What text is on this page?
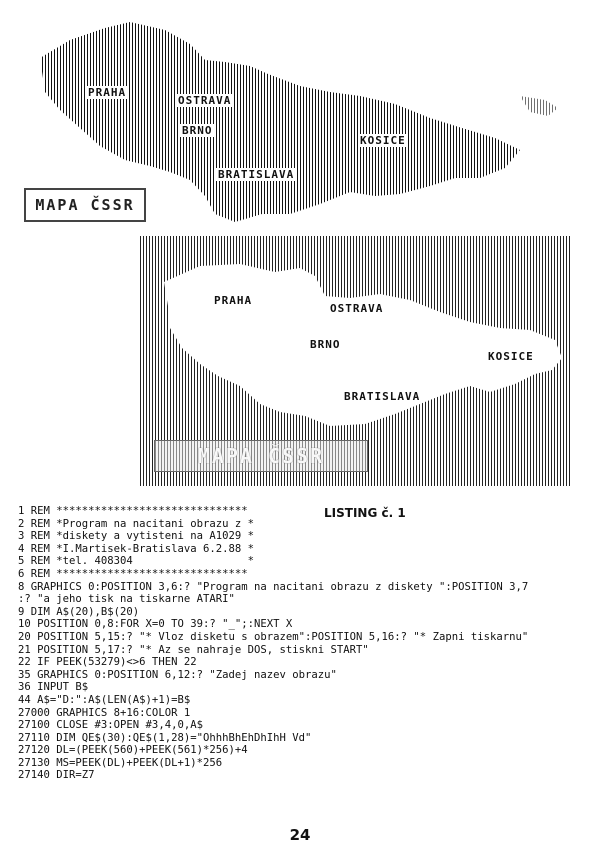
PRAHA
OSTRAVA
BRNO
KOSICE
BRATISLAVA
MAPA ČSSR
PRAHA
OSTRAVA
BRNO
KOSICE
BRATISLAVA
MAPA ČSSR
LISTING č. 1
1 REM ******************************
2 REM *Program na nacitani obrazu z *
3 REM *diskety a vytisteni na A1029 *
4 REM *I.Martisek-Bratislava 6.2.88 *
5 REM *tel. 408304                  *
6 REM ******************************
8 GRAPHICS 0:POSITION 3,6:? "Program na nacitani obrazu z diskety ":POSITION 3,7
:? "a jeho tisk na tiskarne ATARI"
9 DIM A$(20),B$(20)
10 POSITION 0,8:FOR X=0 TO 39:? "_";:NEXT X
20 POSITION 5,15:? "* Vloz disketu s obrazem":POSITION 5,16:? "* Zapni tiskarnu"
21 POSITION 5,17:? "* Az se nahraje DOS, stiskni START"
22 IF PEEK(53279)<>6 THEN 22
35 GRAPHICS 0:POSITION 6,12:? "Zadej nazev obrazu"
36 INPUT B$
44 A$="D:":A$(LEN(A$)+1)=B$
27000 GRAPHICS 8+16:COLOR 1
27100 CLOSE #3:OPEN #3,4,0,A$
27110 DIM QE$(30):QE$(1,28)="OhhhBhEhDhIhH Vd"
27120 DL=(PEEK(560)+PEEK(561)*256)+4
27130 MS=PEEK(DL)+PEEK(DL+1)*256
27140 DIR=Z7
24
